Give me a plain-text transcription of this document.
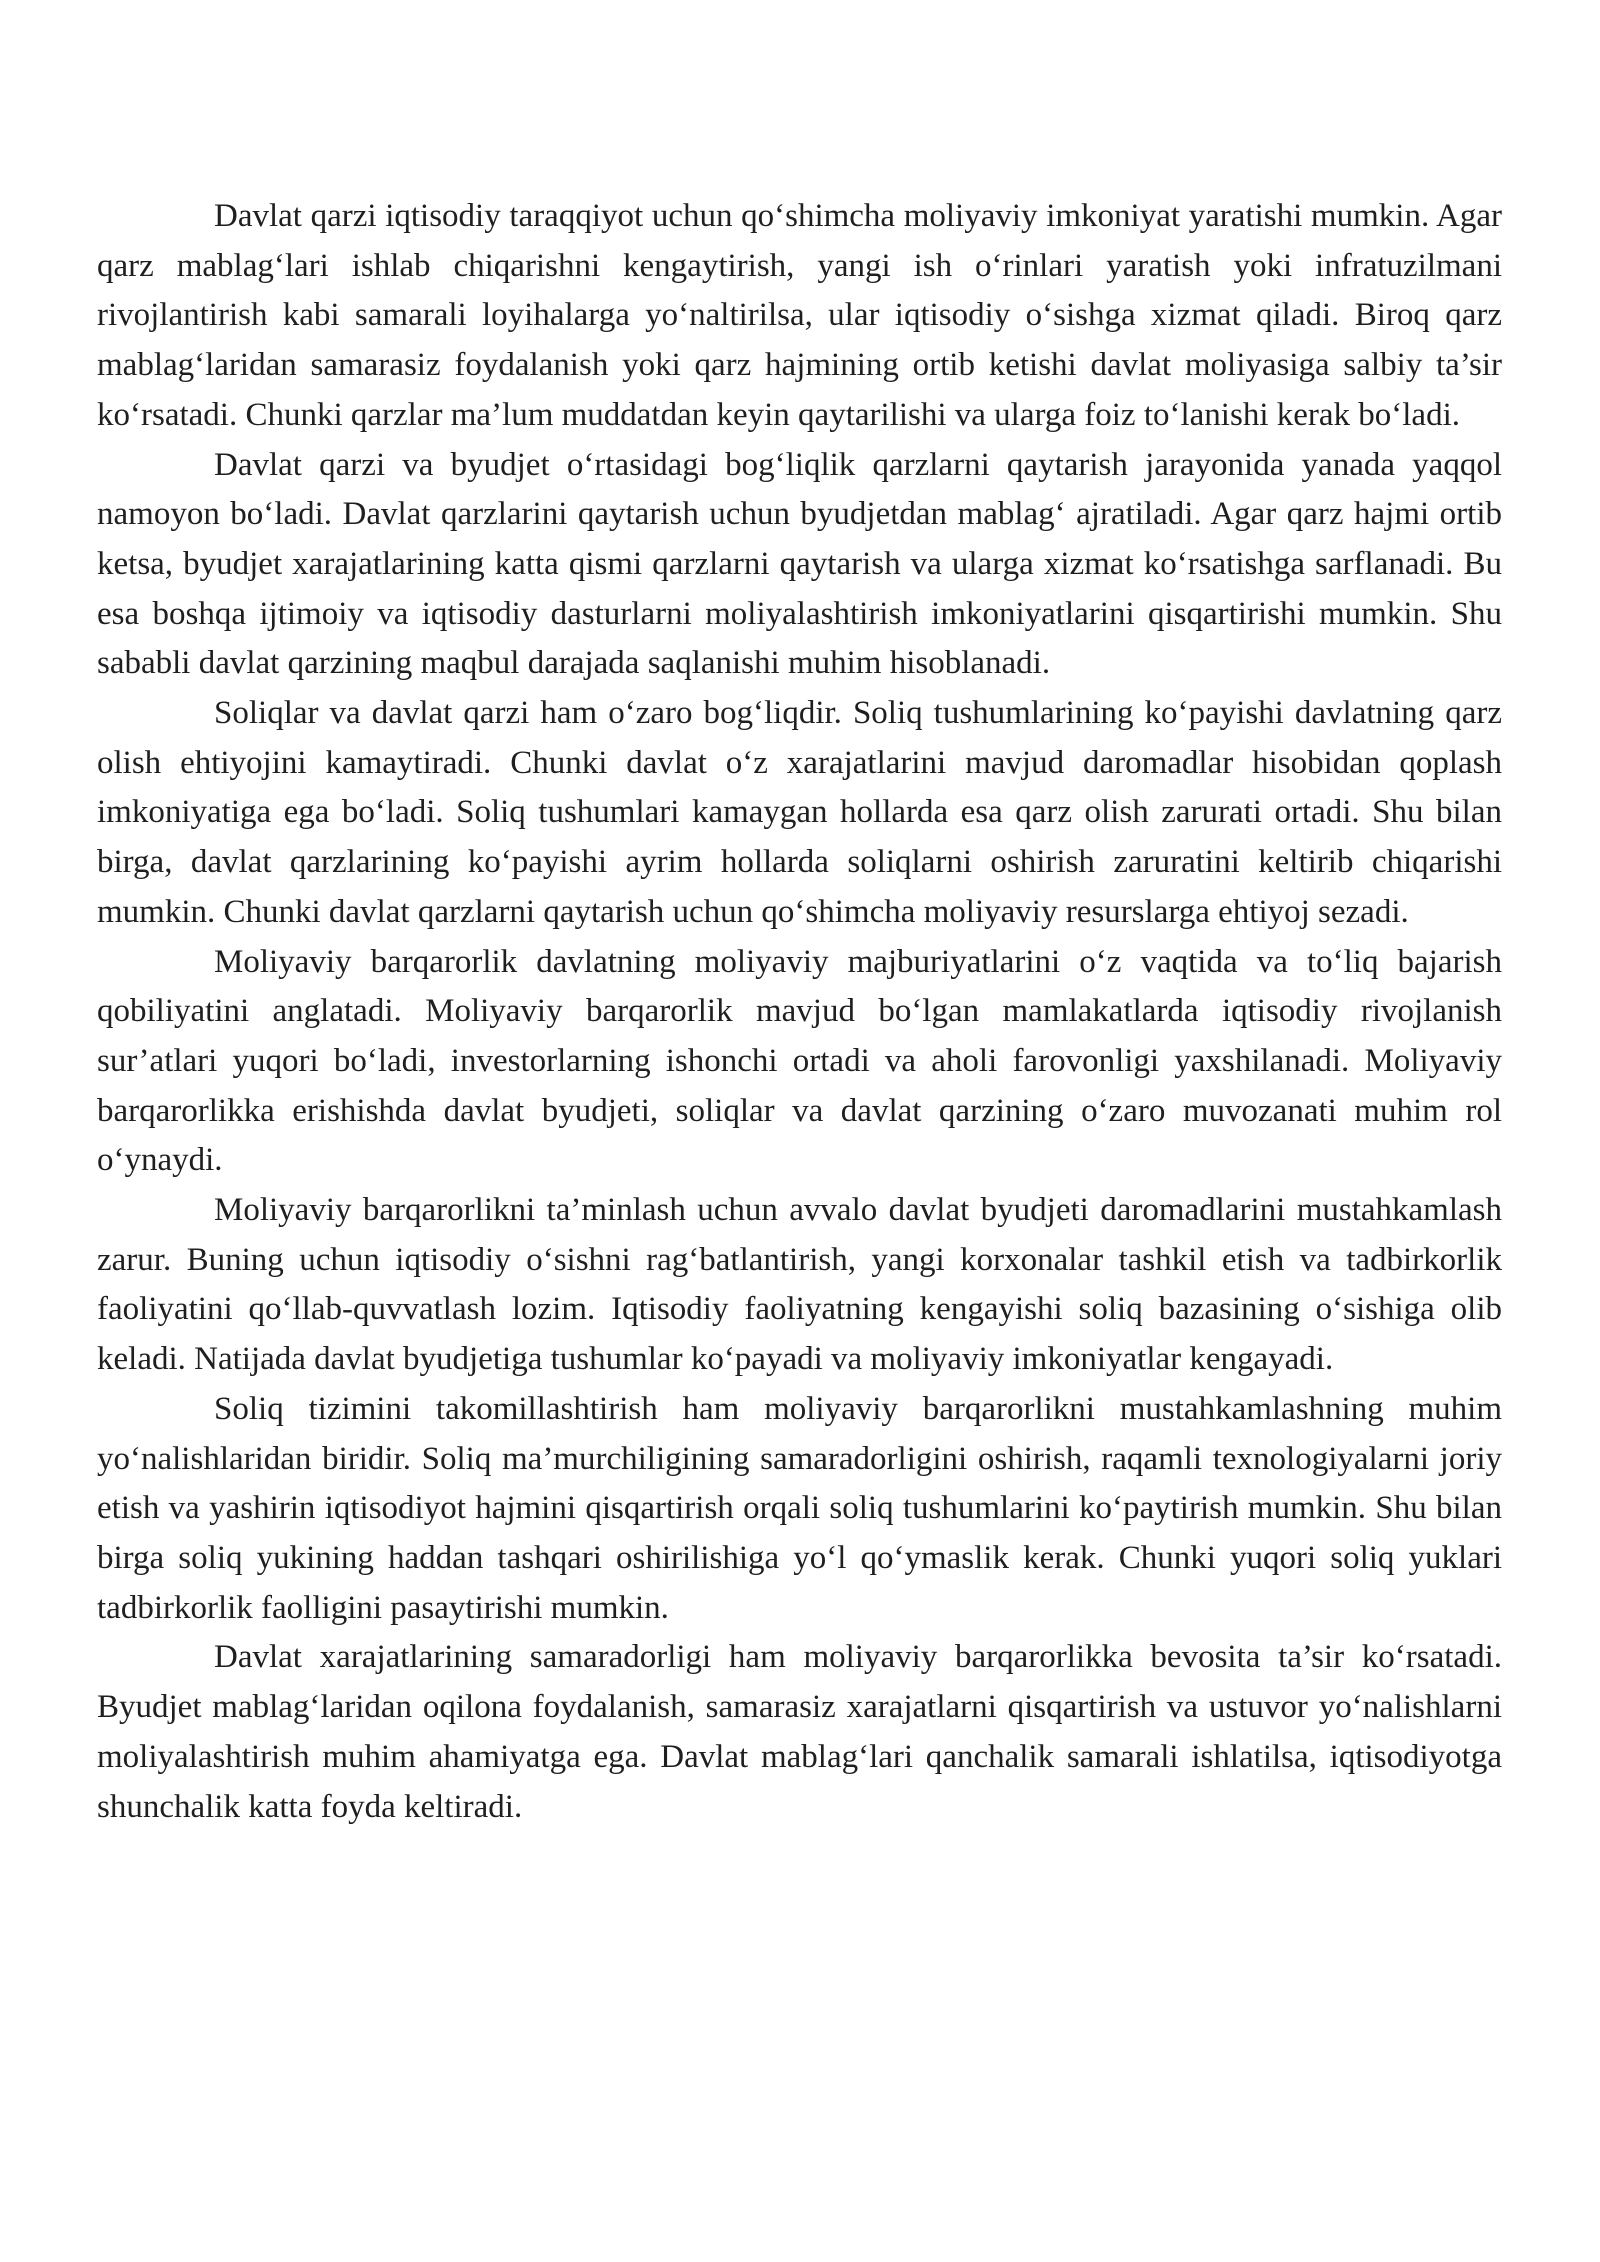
Davlat qarzi iqtisodiy taraqqiyot uchun qo‘shimcha moliyaviy imkoniyat yaratishi mumkin. Agar qarz mablag‘lari ishlab chiqarishni kengaytirish, yangi ish o‘rinlari yaratish yoki infratuzilmani rivojlantirish kabi samarali loyihalarga yo‘naltirilsa, ular iqtisodiy o‘sishga xizmat qiladi. Biroq qarz mablag‘laridan samarasiz foydalanish yoki qarz hajmining ortib ketishi davlat moliyasiga salbiy ta’sir ko‘rsatadi. Chunki qarzlar ma’lum muddatdan keyin qaytarilishi va ularga foiz to‘lanishi kerak bo‘ladi.

Davlat qarzi va byudjet o‘rtasidagi bog‘liqlik qarzlarni qaytarish jarayonida yanada yaqqol namoyon bo‘ladi. Davlat qarzlarini qaytarish uchun byudjetdan mablag‘ ajratiladi. Agar qarz hajmi ortib ketsa, byudjet xarajatlarining katta qismi qarzlarni qaytarish va ularga xizmat ko‘rsatishga sarflanadi. Bu esa boshqa ijtimoiy va iqtisodiy dasturlarni moliyalashtirish imkoniyatlarini qisqartirishi mumkin. Shu sababli davlat qarzining maqbul darajada saqlanishi muhim hisoblanadi.

Soliqlar va davlat qarzi ham o‘zaro bog‘liqdir. Soliq tushumlarining ko‘payishi davlatning qarz olish ehtiyojini kamaytiradi. Chunki davlat o‘z xarajatlarini mavjud daromadlar hisobidan qoplash imkoniyatiga ega bo‘ladi. Soliq tushumlari kamaygan hollarda esa qarz olish zarurati ortadi. Shu bilan birga, davlat qarzlarining ko‘payishi ayrim hollarda soliqlarni oshirish zaruratini keltirib chiqarishi mumkin. Chunki davlat qarzlarni qaytarish uchun qo‘shimcha moliyaviy resurslarga ehtiyoj sezadi.

Moliyaviy barqarorlik davlatning moliyaviy majburiyatlarini o‘z vaqtida va to‘liq bajarish qobiliyatini anglatadi. Moliyaviy barqarorlik mavjud bo‘lgan mamlakatlarda iqtisodiy rivojlanish sur’atlari yuqori bo‘ladi, investorlarning ishonchi ortadi va aholi farovonligi yaxshilanadi. Moliyaviy barqarorlikka erishishda davlat byudjeti, soliqlar va davlat qarzining o‘zaro muvozanati muhim rol o‘ynaydi.

Moliyaviy barqarorlikni ta’minlash uchun avvalo davlat byudjeti daromadlarini mustahkamlash zarur. Buning uchun iqtisodiy o‘sishni rag‘batlantirish, yangi korxonalar tashkil etish va tadbirkorlik faoliyatini qo‘llab-quvvatlash lozim. Iqtisodiy faoliyatning kengayishi soliq bazasining o‘sishiga olib keladi. Natijada davlat byudjetiga tushumlar ko‘payadi va moliyaviy imkoniyatlar kengayadi.

Soliq tizimini takomillashtirish ham moliyaviy barqarorlikni mustahkamlashning muhim yo‘nalishlaridan biridir. Soliq ma’murchiligining samaradorligini oshirish, raqamli texnologiyalarni joriy etish va yashirin iqtisodiyot hajmini qisqartirish orqali soliq tushumlarini ko‘paytirish mumkin. Shu bilan birga soliq yukining haddan tashqari oshirilishiga yo‘l qo‘ymaslik kerak. Chunki yuqori soliq yuklari tadbirkorlik faolligini pasaytirishi mumkin.

Davlat xarajatlarining samaradorligi ham moliyaviy barqarorlikka bevosita ta’sir ko‘rsatadi. Byudjet mablag‘laridan oqilona foydalanish, samarasiz xarajatlarni qisqartirish va ustuvor yo‘nalishlarni moliyalashtirish muhim ahamiyatga ega. Davlat mablag‘lari qanchalik samarali ishlatilsa, iqtisodiyotga shunchalik katta foyda keltiradi.
